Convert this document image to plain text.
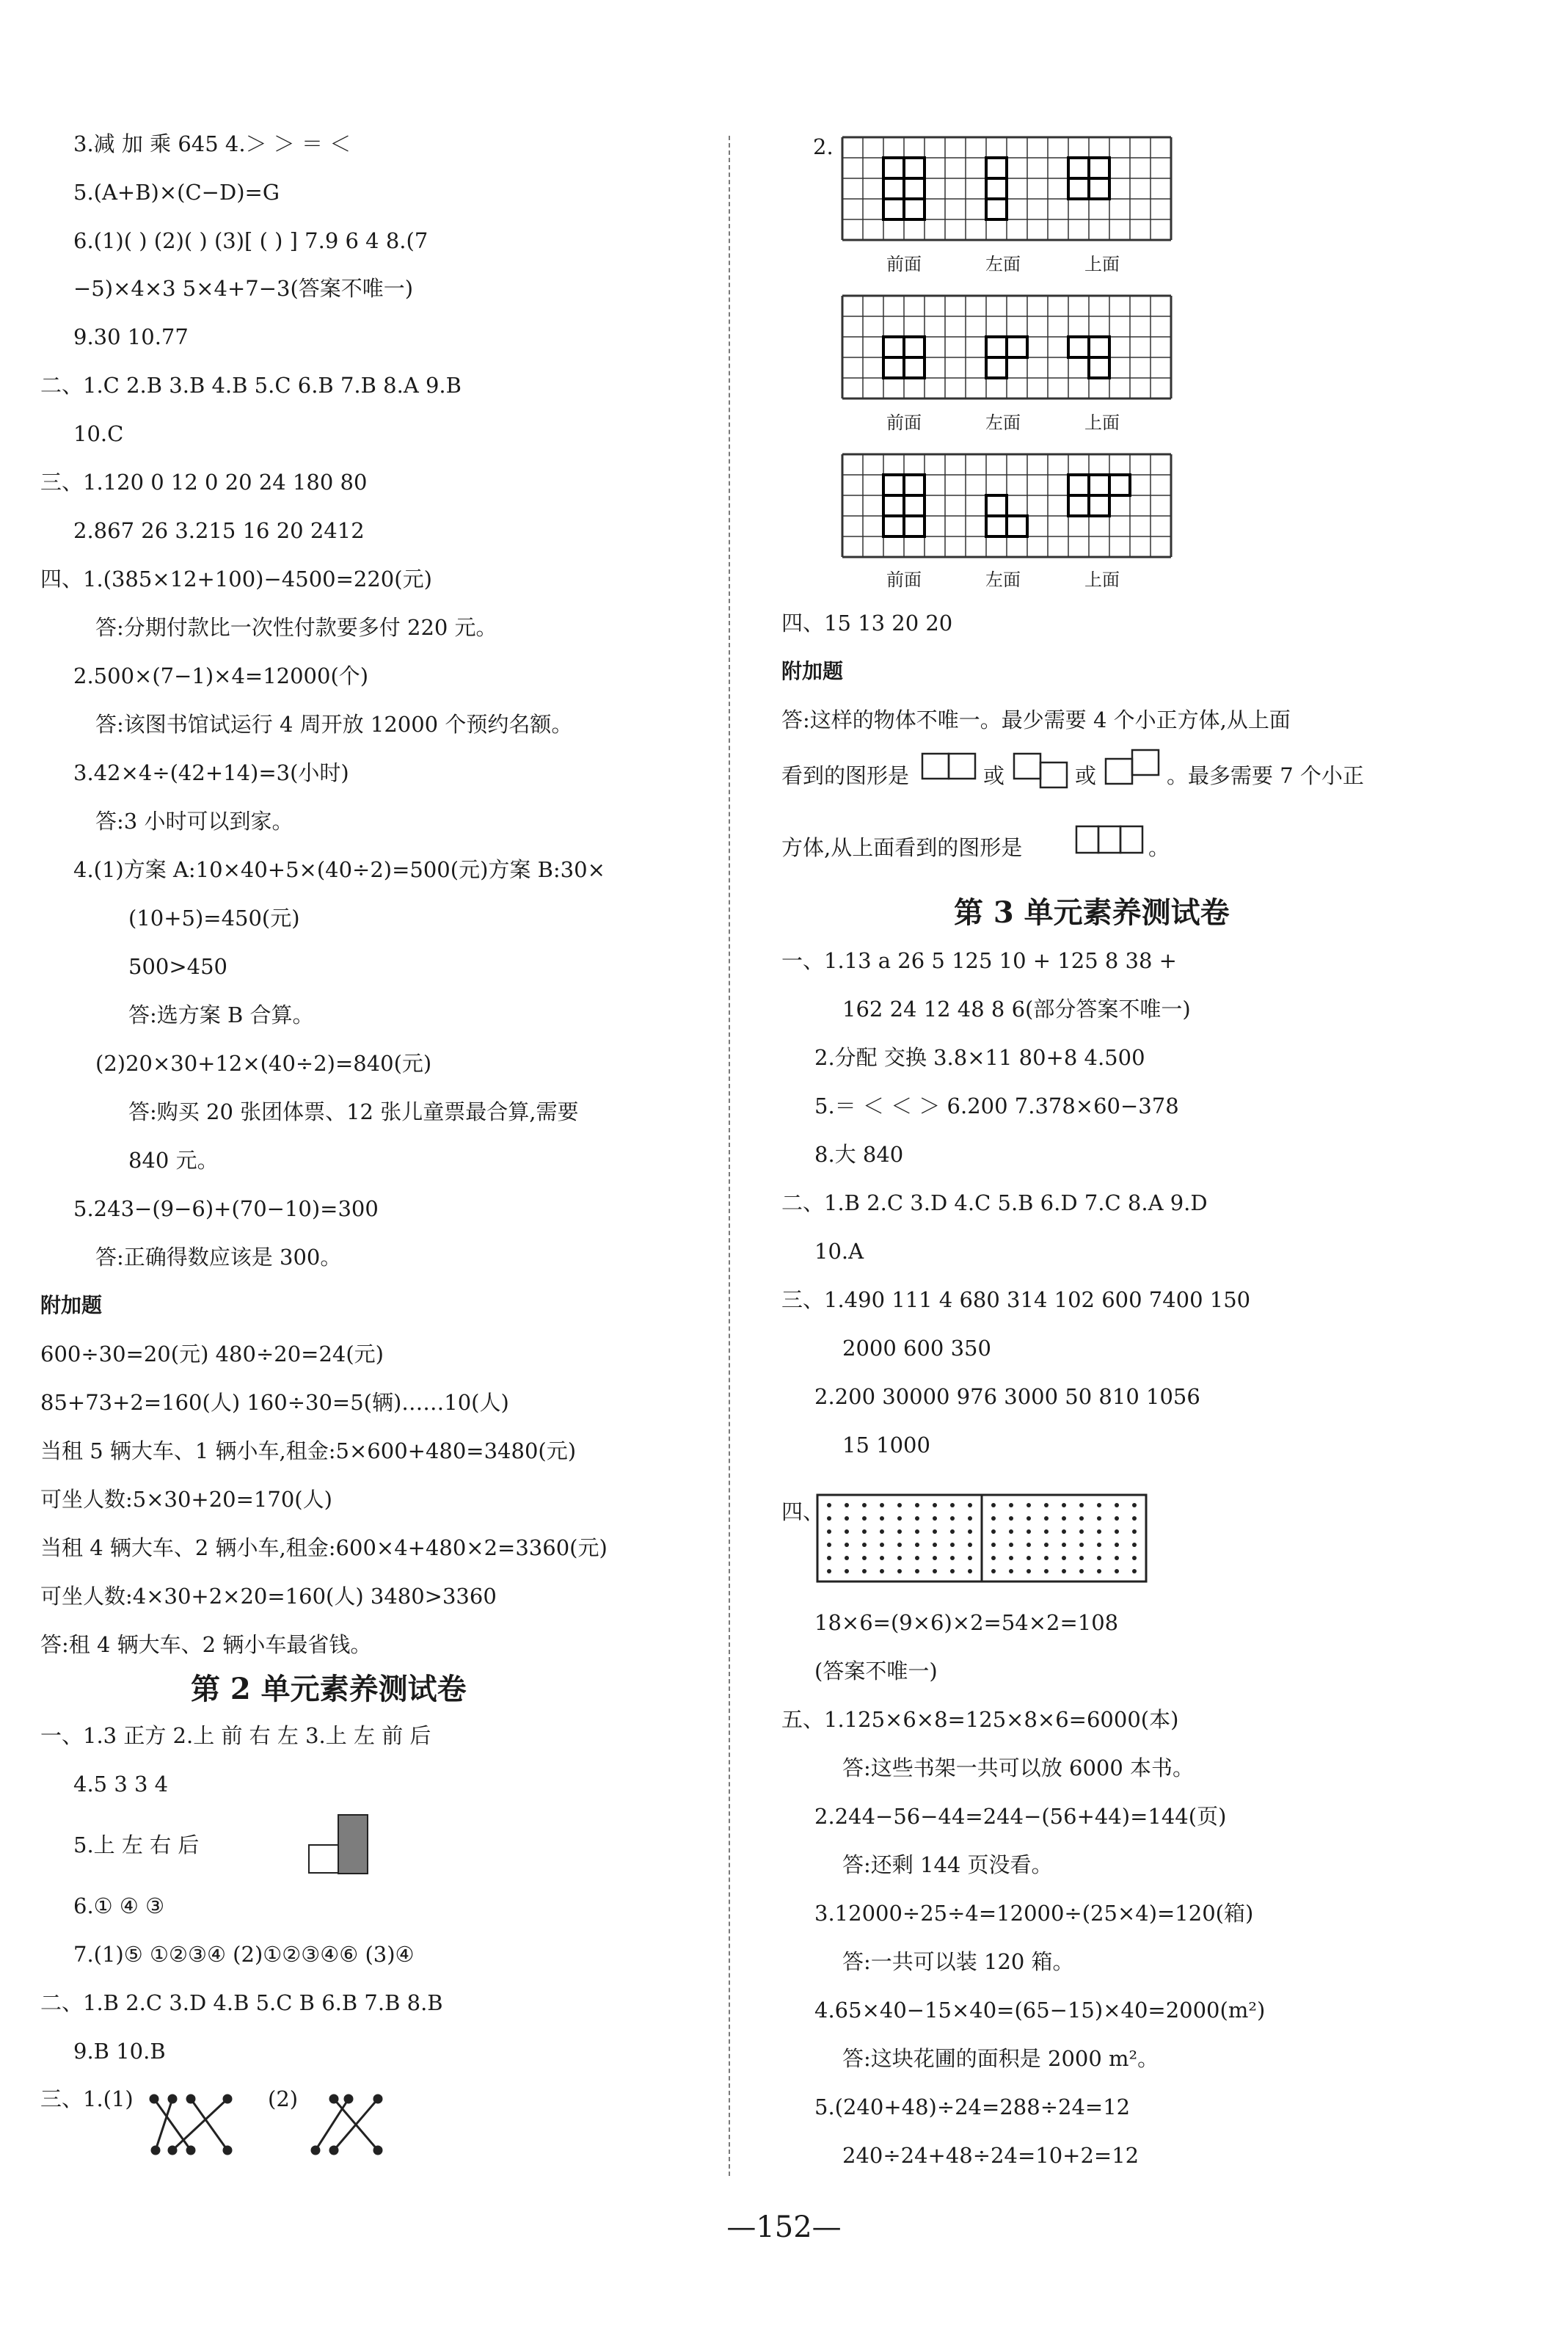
3.减 加 乘 645 4.＞ ＞ ＝ ＜
5.(A+B)×(C−D)=G
6.(1)( ) (2)( ) (3)[ ( ) ] 7.9 6 4 8.(7
−5)×4×3 5×4+7−3(答案不唯一)
9.30 10.77
二、1.C 2.B 3.B 4.B 5.C 6.B 7.B 8.A 9.B
10.C
三、1.120 0 12 0 20 24 180 80
2.867 26 3.215 16 20 2412
四、1.(385×12+100)−4500=220(元)
答:分期付款比一次性付款要多付 220 元。
2.500×(7−1)×4=12000(个)
答:该图书馆试运行 4 周开放 12000 个预约名额。
3.42×4÷(42+14)=3(小时)
答:3 小时可以到家。
4.(1)方案 A:10×40+5×(40÷2)=500(元)方案 B:30×
(10+5)=450(元)
500>450
答:选方案 B 合算。
(2)20×30+12×(40÷2)=840(元)
答:购买 20 张团体票、12 张儿童票最合算,需要
840 元。
5.243−(9−6)+(70−10)=300
答:正确得数应该是 300。
附加题
600÷30=20(元) 480÷20=24(元)
85+73+2=160(人) 160÷30=5(辆)……10(人)
当租 5 辆大车、1 辆小车,租金:5×600+480=3480(元)
可坐人数:5×30+20=170(人)
当租 4 辆大车、2 辆小车,租金:600×4+480×2=3360(元)
可坐人数:4×30+2×20=160(人) 3480>3360
答:租 4 辆大车、2 辆小车最省钱。
第 2 单元素养测试卷
一、1.3 正方 2.上 前 右 左 3.上 左 前 后
4.5 3 3 4
5.上 左 右 后
6.① ④ ③
7.(1)⑤ ①②③④ (2)①②③④⑥ (3)④
二、1.B 2.C 3.D 4.B 5.C B 6.B 7.B 8.B
9.B 10.B
三、1.(1)	(2)
2.
前面	左面	上面
前面	左面	上面
前面	左面	上面
四、15 13 20 20
附加题
答:这样的物体不唯一。最少需要 4 个小正方体,从上面
看到的图形是	或	或	。最多需要 7 个小正
方体,从上面看到的图形是	。
第 3 单元素养测试卷
一、1.13 a 26 5 125 10 + 125 8 38 +
162 24 12 48 8 6(部分答案不唯一)
2.分配 交换 3.8×11 80+8 4.500
5.＝ ＜ ＜ ＞ 6.200 7.378×60−378
8.大 840
二、1.B 2.C 3.D 4.C 5.B 6.D 7.C 8.A 9.D
10.A
三、1.490 111 4 680 314 102 600 7400 150
2000 600 350
2.200 30000 976 3000 50 810 1056
15 1000
四、
18×6=(9×6)×2=54×2=108
(答案不唯一)
五、1.125×6×8=125×8×6=6000(本)
答:这些书架一共可以放 6000 本书。
2.244−56−44=244−(56+44)=144(页)
答:还剩 144 页没看。
3.12000÷25÷4=12000÷(25×4)=120(箱)
答:一共可以装 120 箱。
4.65×40−15×40=(65−15)×40=2000(m²)
答:这块花圃的面积是 2000 m²。
5.(240+48)÷24=288÷24=12
240÷24+48÷24=10+2=12
—152—
